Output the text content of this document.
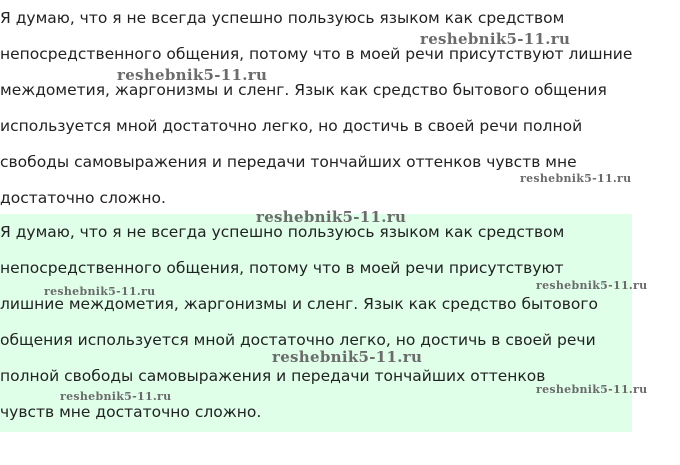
Я думаю, что я не всегда успешно пользуюсь языком как средством
непосредственного общения, потому что в моей речи присутствуют лишние
междометия, жаргонизмы и сленг. Язык как средство бытового общения
используется мной достаточно легко, но достичь в своей речи полной
свободы самовыражения и передачи тончайших оттенков чувств мне
достаточно сложно.
Я думаю, что я не всегда успешно пользуюсь языком как средством
непосредственного общения, потому что в моей речи присутствуют
лишние междометия, жаргонизмы и сленг. Язык как средство бытового
общения используется мной достаточно легко, но достичь в своей речи
полной свободы самовыражения и передачи тончайших оттенков
чувств мне достаточно сложно.
reshebnik5-11.ru
reshebnik5-11.ru
reshebnik5-11.ru
reshebnik5-11.ru
reshebnik5-11.ru	reshebnik5-11.ru
reshebnik5-11.ru
reshebnik5-11.ru
reshebnik5-11.ru
